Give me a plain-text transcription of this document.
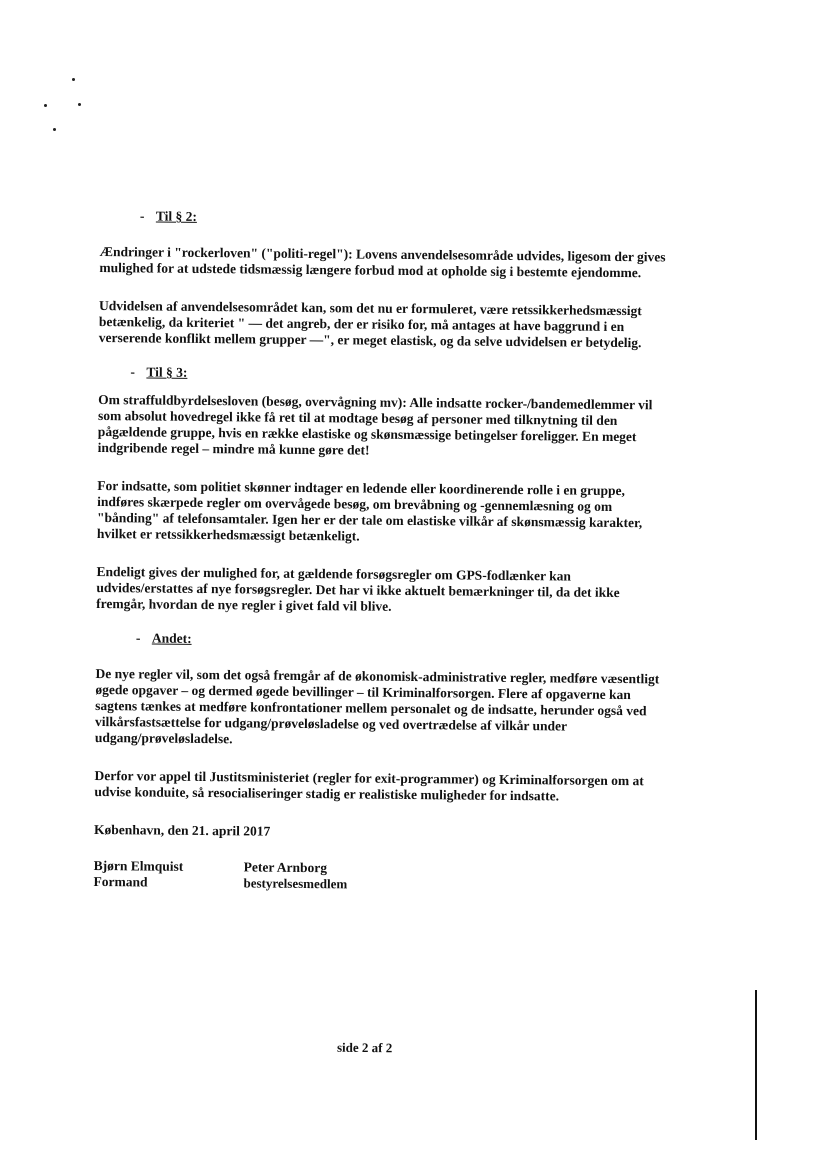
- Til § 2:

Ændringer i "rockerloven" ("politi-regel"): Lovens anvendelsesområde udvides, ligesom der gives mulighed for at udstede tidsmæssig længere forbud mod at opholde sig i bestemte ejendomme.

Udvidelsen af anvendelsesområdet kan, som det nu er formuleret, være retssikkerhedsmæssigt betænkelig, da kriteriet " — det angreb, der er risiko for, må antages at have baggrund i en verserende konflikt mellem grupper —", er meget elastisk, og da selve udvidelsen er betydelig.

- Til § 3:

Om straffuldbyrdelsesloven (besøg, overvågning mv): Alle indsatte rocker-/bandemedlemmer vil som absolut hovedregel ikke få ret til at modtage besøg af personer med tilknytning til den pågældende gruppe, hvis en række elastiske og skønsmæssige betingelser foreligger. En meget indgribende regel – mindre må kunne gøre det!

For indsatte, som politiet skønner indtager en ledende eller koordinerende rolle i en gruppe, indføres skærpede regler om overvågede besøg, om brevåbning og -gennemlæsning og om "bånding" af telefonsamtaler. Igen her er der tale om elastiske vilkår af skønsmæssig karakter, hvilket er retssikkerhedsmæssigt betænkeligt.

Endeligt gives der mulighed for, at gældende forsøgsregler om GPS-fodlænker kan udvides/erstattes af nye forsøgsregler. Det har vi ikke aktuelt bemærkninger til, da det ikke fremgår, hvordan de nye regler i givet fald vil blive.

- Andet:

De nye regler vil, som det også fremgår af de økonomisk-administrative regler, medføre væsentligt øgede opgaver – og dermed øgede bevillinger – til Kriminalforsorgen. Flere af opgaverne kan sagtens tænkes at medføre konfrontationer mellem personalet og de indsatte, herunder også ved vilkårsfastsættelse for udgang/prøveløsladelse og ved overtrædelse af vilkår under udgang/prøveløsladelse.

Derfor vor appel til Justitsministeriet (regler for exit-programmer) og Kriminalforsorgen om at udvise konduite, så resocialiseringer stadig er realistiske muligheder for indsatte.

København, den 21. april 2017
Bjørn Elmquist
Formand
Peter Arnborg
bestyrelsesmedlem
side 2 af 2
